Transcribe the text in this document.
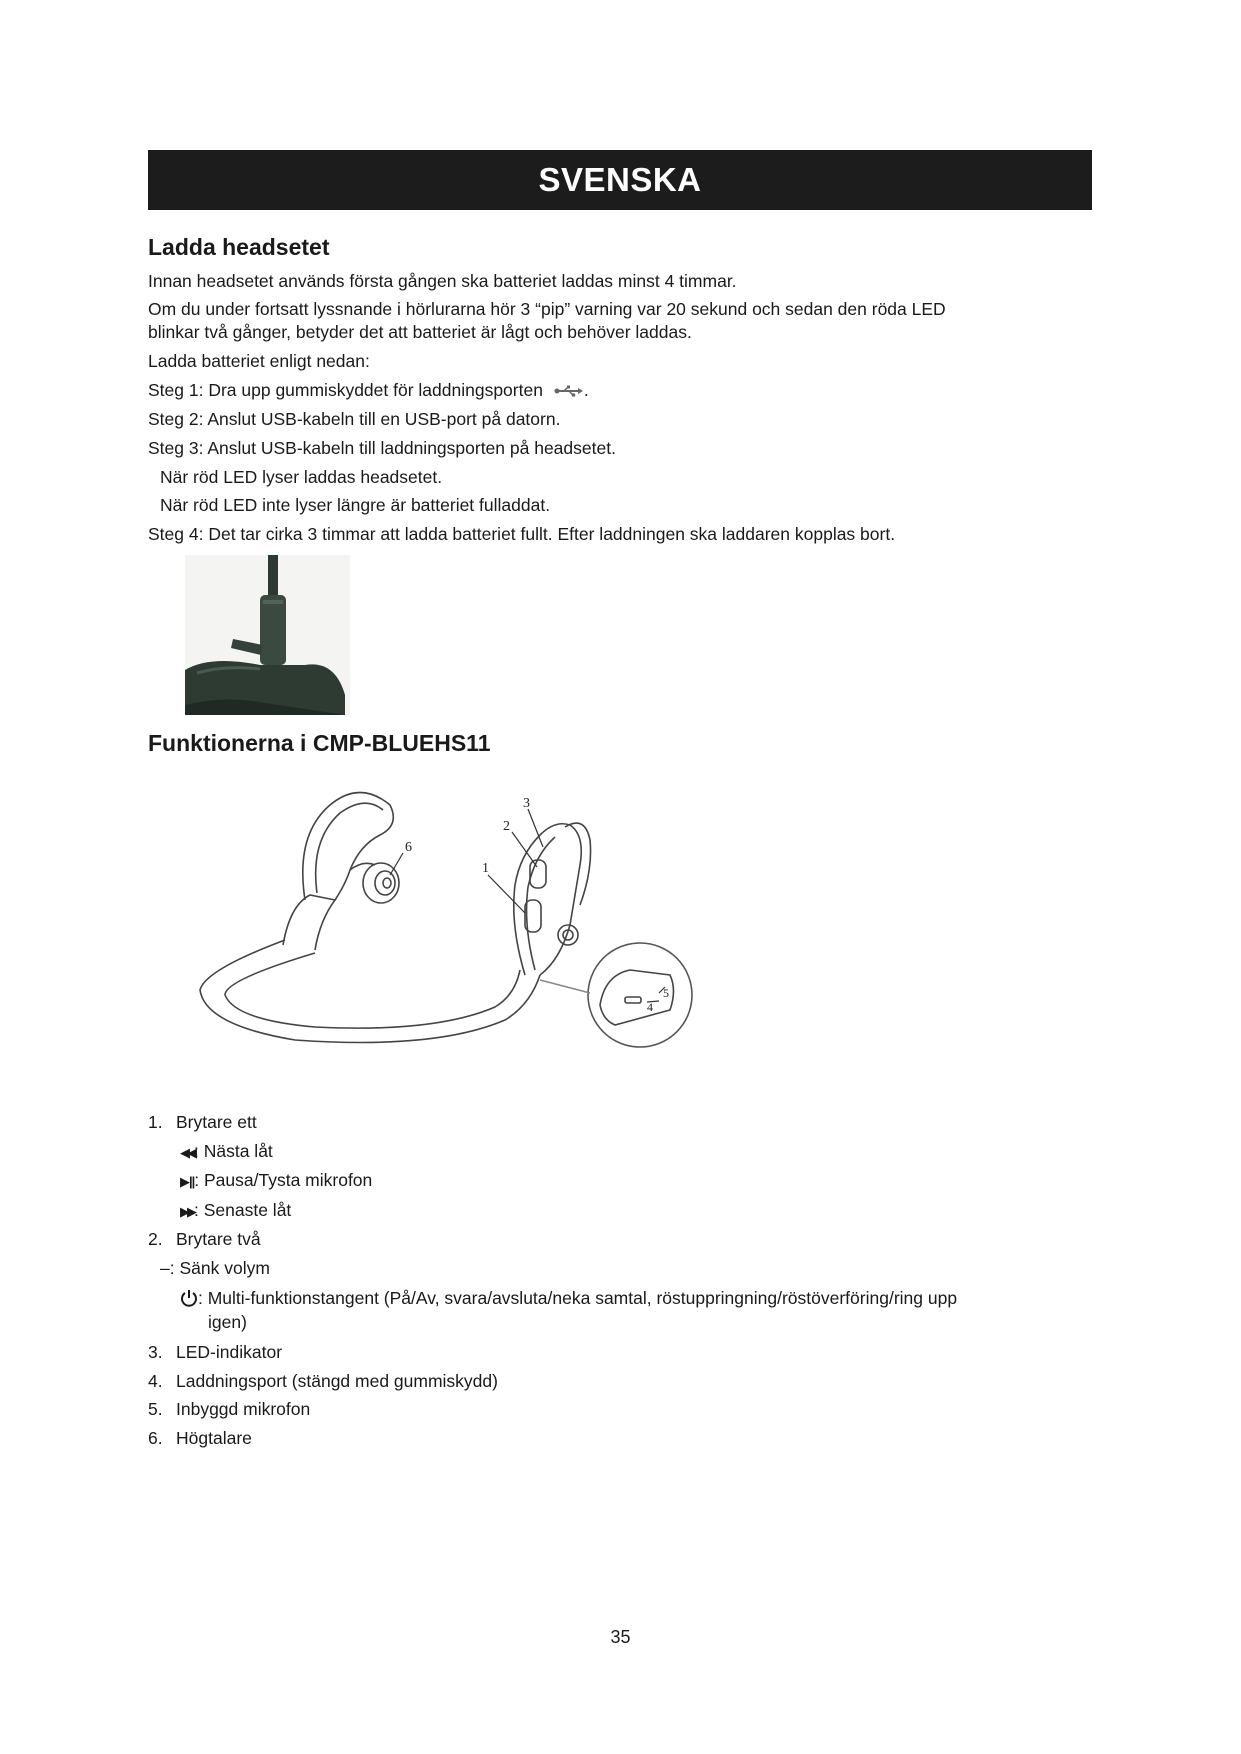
SVENSKA
Ladda headsetet
Innan headsetet används första gången ska batteriet laddas minst 4 timmar.
Om du under fortsatt lyssnande i hörlurarna hör 3 “pip” varning var 20 sekund och sedan den röda LED
blinkar två gånger, betyder det att batteriet är lågt och behöver laddas.
Ladda batteriet enligt nedan:
Steg 1: Dra upp gummiskyddet för laddningsporten .
Steg 2: Anslut USB-kabeln till en USB-port på datorn.
Steg 3: Anslut USB-kabeln till laddningsporten på headsetet.
När röd LED lyser laddas headsetet.
När röd LED inte lyser längre är batteriet fulladdat.
Steg 4: Det tar cirka 3 timmar att ladda batteriet fullt. Efter laddningen ska laddaren kopplas bort.
Funktionerna i CMP-BLUEHS11
1
2
3
4
5
6
1. Brytare ett
◀◀: Nästa låt
▶||: Pausa/Tysta mikrofon
▶▶: Senaste låt
2. Brytare två
–: Sänk volym
: Multi-funktionstangent (På/Av, svara/avsluta/neka samtal, röstuppringning/röstöverföring/ring upp
igen)
3. LED-indikator
4. Laddningsport (stängd med gummiskydd)
5. Inbyggd mikrofon
6. Högtalare
35
